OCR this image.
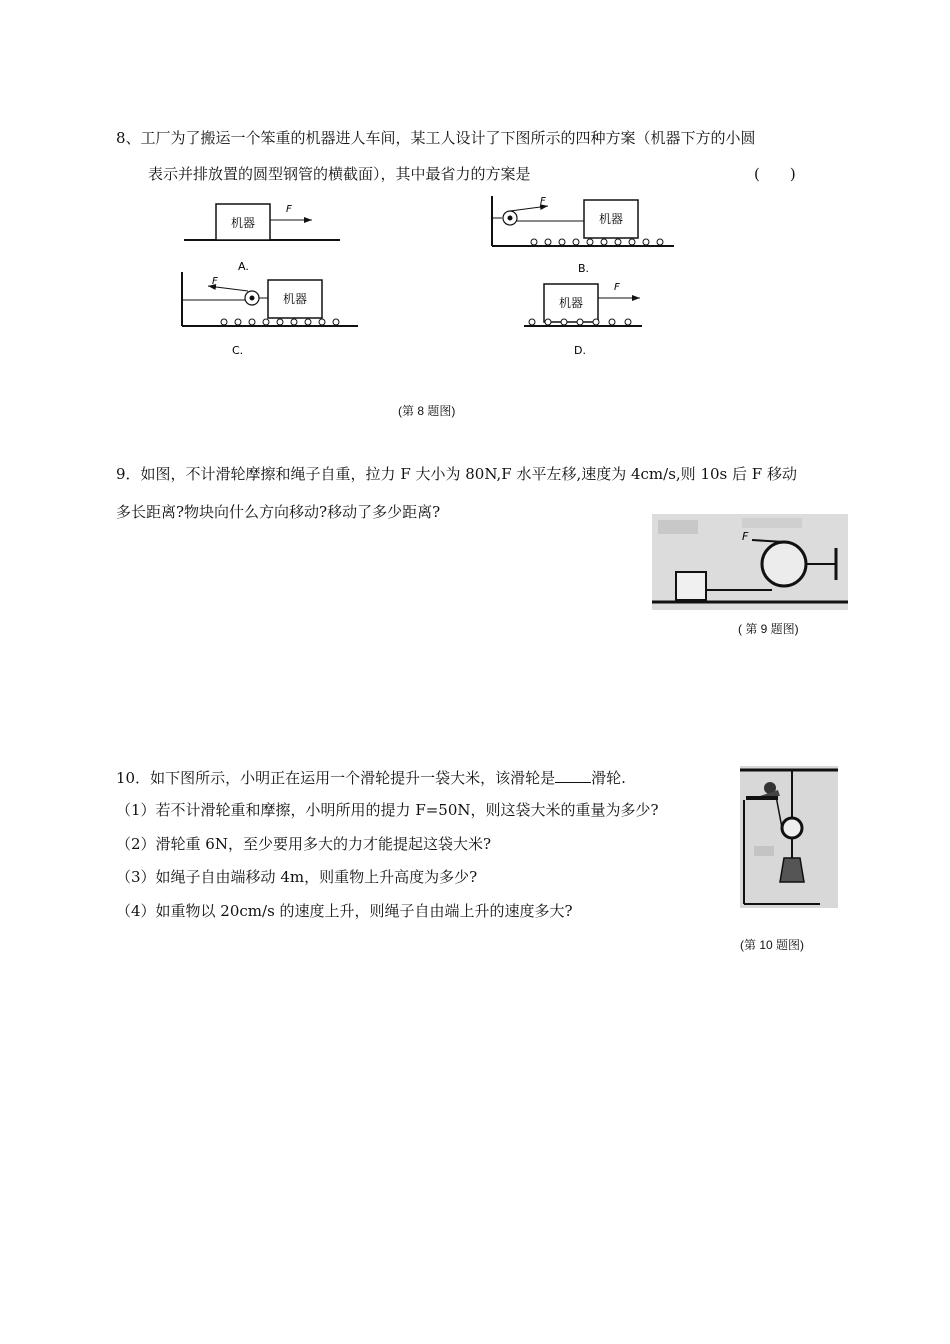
8、工厂为了搬运一个笨重的机器进人车间，某工人设计了下图所示的四种方案（机器下方的小圆
表示并排放置的圆型钢管的横截面），其中最省力的方案是	(　　)
机器
F
A.
F
机器
B.
F
机器
C.
机器
F
D.
(第 8 题图)
9．如图，不计滑轮摩擦和绳子自重，拉力 F 大小为 80N,F 水平左移,速度为 4cm/s,则 10s 后 F 移动
多长距离?物块向什么方向移动?移动了多少距离?
F
( 第 9 题图)
10．如下图所示，小明正在运用一个滑轮提升一袋大米，该滑轮是 滑轮.
（1）若不计滑轮重和摩擦，小明所用的提力 F=50N，则这袋大米的重量为多少?
（2）滑轮重 6N，至少要用多大的力才能提起这袋大米?
（3）如绳子自由端移动 4m，则重物上升高度为多少?
（4）如重物以 20cm/s 的速度上升，则绳子自由端上升的速度多大?
(第 10 题图)
